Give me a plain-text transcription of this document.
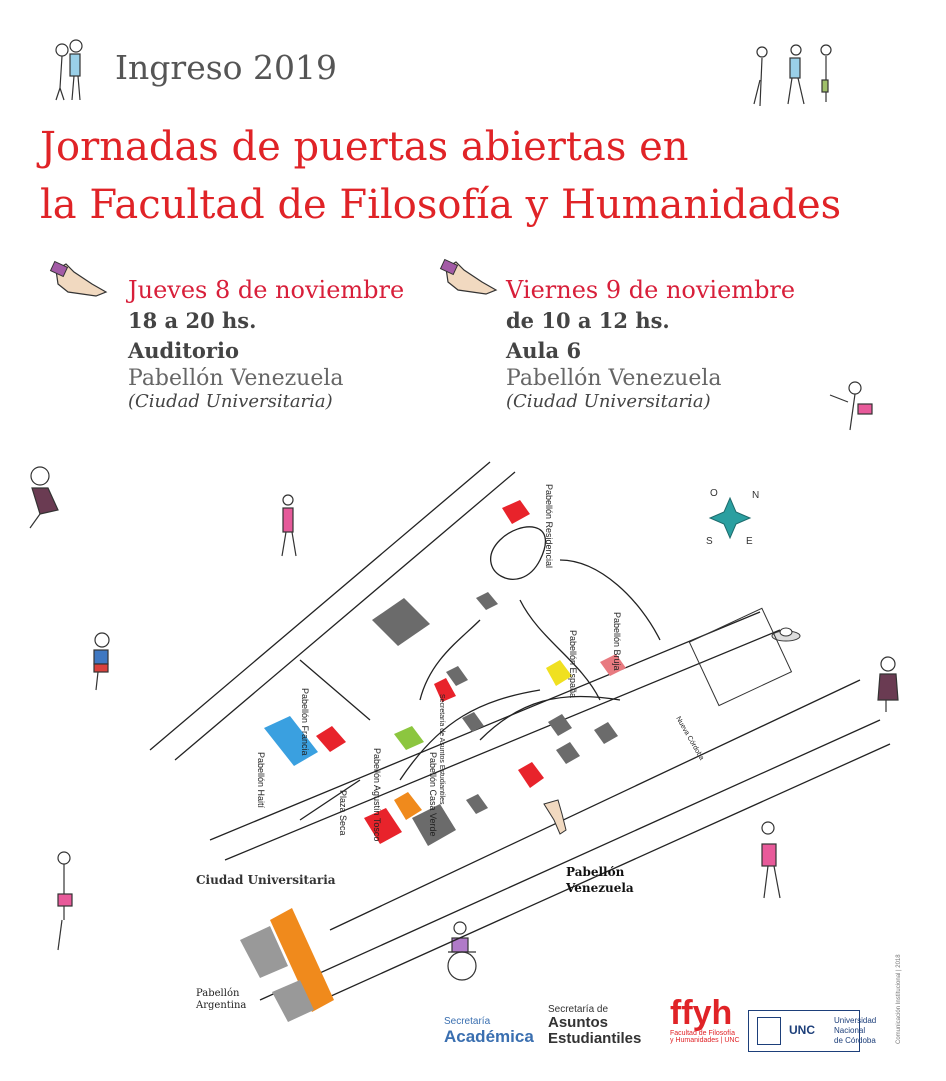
Ingreso 2019
Jornadas de puertas abiertas en
la Facultad de Filosofía y Humanidades
Jueves 8 de noviembre
18 a 20 hs.
Auditorio
Pabellón Venezuela
(Ciudad Universitaria)
Viernes 9 de noviembre
de 10 a 12 hs.
Aula 6
Pabellón Venezuela
(Ciudad Universitaria)
O	N
S	E
Pabellón Residencial
Pabellón Bruja
Pabellón España
Pabellón Francia
Pabellón Haití	Secretaría de Asuntos Estudiantiles
Pabellón Agustín Tosco	Pabellón Casa Verde
Plaza Seca
Nueva Córdoba
Pabellón
Venezuela
Ciudad Universitaria
Pabellón
Argentina
Secretaría
Académica
Secretaría de
Asuntos
Estudiantiles
ffyh
Facultad de Filosofía
y Humanidades | UNC
UNC
Universidad
Nacional
de Córdoba	Comunicación Institucional | 2018
